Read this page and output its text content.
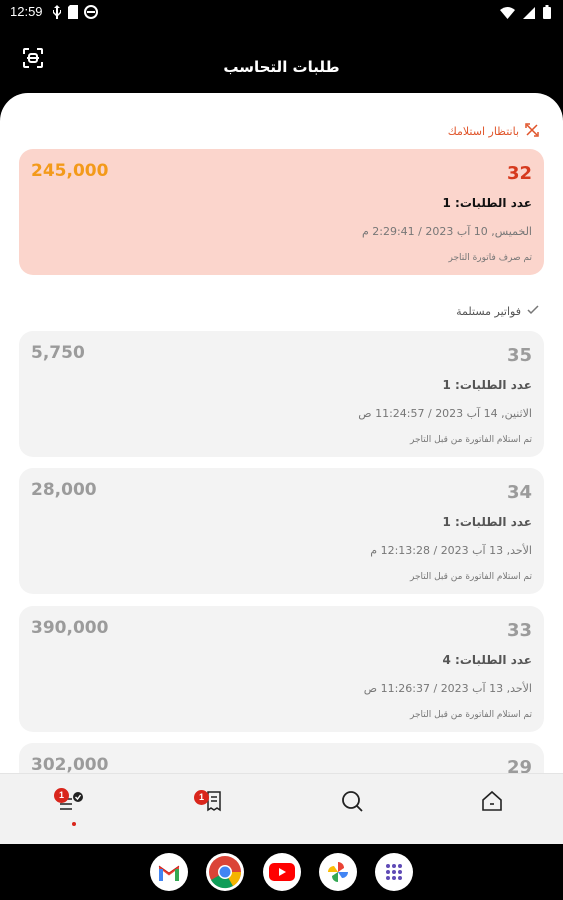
12:59
طلبات التحاسب
بانتظار استلامك
32
245,000
عدد الطلبات: 1
الخميس, 10 آب 2023 / 2:29:41 م
تم صرف فاتورة التاجر
فواتير مستلمة
35
5,750
عدد الطلبات: 1
الاثنين, 14 آب 2023 / 11:24:57 ص
تم استلام الفاتورة من قبل التاجر
34
28,000
عدد الطلبات: 1
الأحد, 13 آب 2023 / 12:13:28 م
تم استلام الفاتورة من قبل التاجر
33
390,000
عدد الطلبات: 4
الأحد, 13 آب 2023 / 11:26:37 ص
تم استلام الفاتورة من قبل التاجر
29
302,000
1	1
